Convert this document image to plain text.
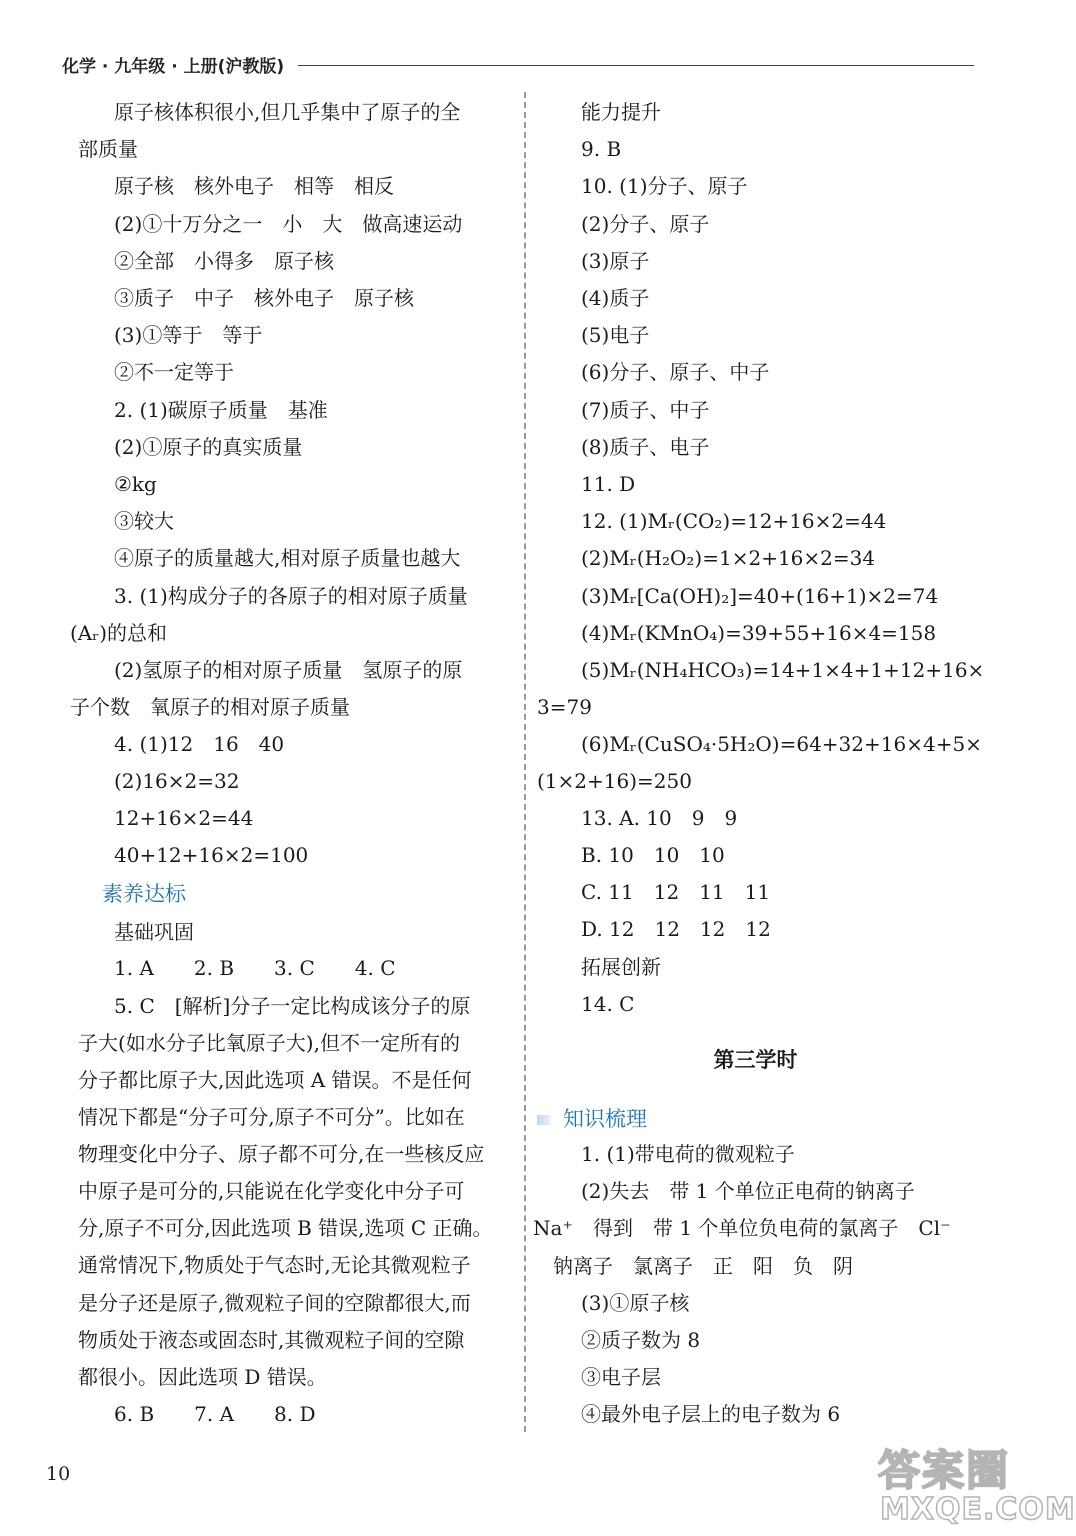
化学 · 九年级 · 上册(沪教版)
原子核体积很小,但几乎集中了原子的全
部质量
原子核　核外电子　相等　相反
(2)①十万分之一　小　大　做高速运动
②全部　小得多　原子核
③质子　中子　核外电子　原子核
(3)①等于　等于
②不一定等于
2. (1)碳原子质量　基准
(2)①原子的真实质量
②kg
③较大
④原子的质量越大,相对原子质量也越大
3. (1)构成分子的各原子的相对原子质量
(Aᵣ)的总和
(2)氢原子的相对原子质量　氢原子的原
子个数　氧原子的相对原子质量
4. (1)12　16　40
(2)16×2=32
12+16×2=44
40+12+16×2=100
素养达标
基础巩固
1. A　　2. B　　3. C　　4. C
5. C　[解析]分子一定比构成该分子的原
子大(如水分子比氧原子大),但不一定所有的
分子都比原子大,因此选项 A 错误。不是任何
情况下都是“分子可分,原子不可分”。比如在
物理变化中分子、原子都不可分,在一些核反应
中原子是可分的,只能说在化学变化中分子可
分,原子不可分,因此选项 B 错误,选项 C 正确。
通常情况下,物质处于气态时,无论其微观粒子
是分子还是原子,微观粒子间的空隙都很大,而
物质处于液态或固态时,其微观粒子间的空隙
都很小。因此选项 D 错误。
6. B　　7. A　　8. D
能力提升
9. B
10. (1)分子、原子
(2)分子、原子
(3)原子
(4)质子
(5)电子
(6)分子、原子、中子
(7)质子、中子
(8)质子、电子
11. D
12. (1)Mᵣ(CO₂)=12+16×2=44
(2)Mᵣ(H₂O₂)=1×2+16×2=34
(3)Mᵣ[Ca(OH)₂]=40+(16+1)×2=74
(4)Mᵣ(KMnO₄)=39+55+16×4=158
(5)Mᵣ(NH₄HCO₃)=14+1×4+1+12+16×
3=79
(6)Mᵣ(CuSO₄·5H₂O)=64+32+16×4+5×
(1×2+16)=250
13. A. 10　9　9
B. 10　10　10
C. 11　12　11　11
D. 12　12　12　12
拓展创新
14. C
第三学时
知识梳理
1. (1)带电荷的微观粒子
(2)失去　带 1 个单位正电荷的钠离子
Na⁺　得到　带 1 个单位负电荷的氯离子　Cl⁻
钠离子　氯离子　正　阳　负　阴
(3)①原子核
②质子数为 8
③电子层
④最外电子层上的电子数为 6
10	答案圈
MXQE.COM
